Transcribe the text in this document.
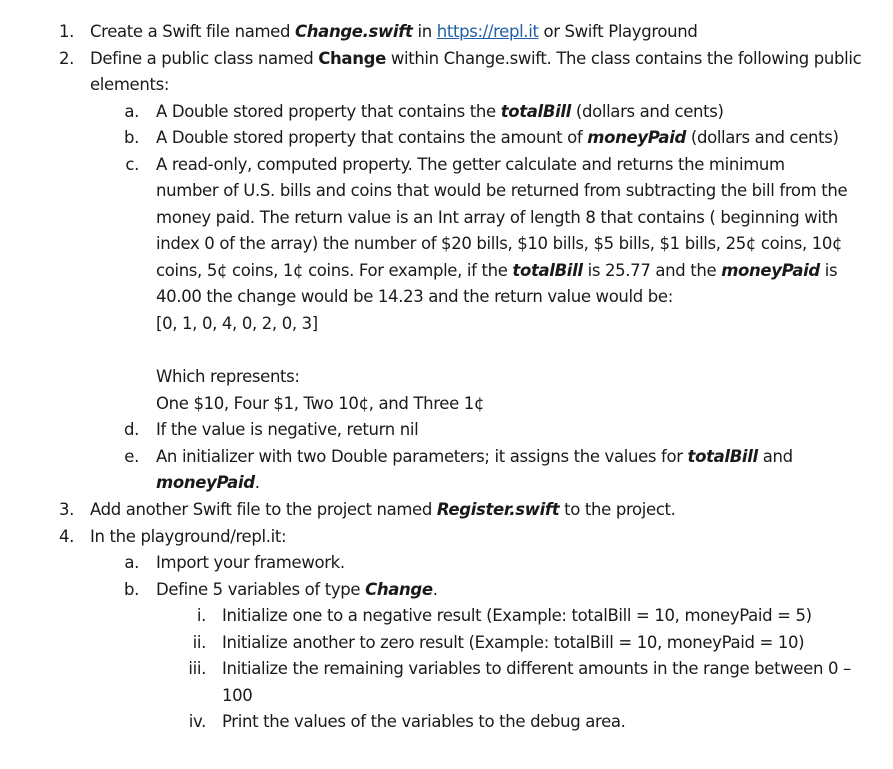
1. Create a Swift file named Change.swift in https://repl.it or Swift Playground
2. Define a public class named Change within Change.swift. The class contains the following public
elements:
a. A Double stored property that contains the totalBill (dollars and cents)
b. A Double stored property that contains the amount of moneyPaid (dollars and cents)
c. A read-only, computed property. The getter calculate and returns the minimum
number of U.S. bills and coins that would be returned from subtracting the bill from the
money paid. The return value is an Int array of length 8 that contains ( beginning with
index 0 of the array) the number of $20 bills, $10 bills, $5 bills, $1 bills, 25¢ coins, 10¢
coins, 5¢ coins, 1¢ coins. For example, if the totalBill is 25.77 and the moneyPaid is
40.00 the change would be 14.23 and the return value would be:
[0, 1, 0, 4, 0, 2, 0, 3]
Which represents:
One $10, Four $1, Two 10¢, and Three 1¢
d. If the value is negative, return nil
e. An initializer with two Double parameters; it assigns the values for totalBill and
moneyPaid.
3. Add another Swift file to the project named Register.swift to the project.
4. In the playground/repl.it:
a. Import your framework.
b. Define 5 variables of type Change.
i. Initialize one to a negative result (Example: totalBill = 10, moneyPaid = 5)
ii. Initialize another to zero result (Example: totalBill = 10, moneyPaid = 10)
iii. Initialize the remaining variables to different amounts in the range between 0 –
100
iv. Print the values of the variables to the debug area.
